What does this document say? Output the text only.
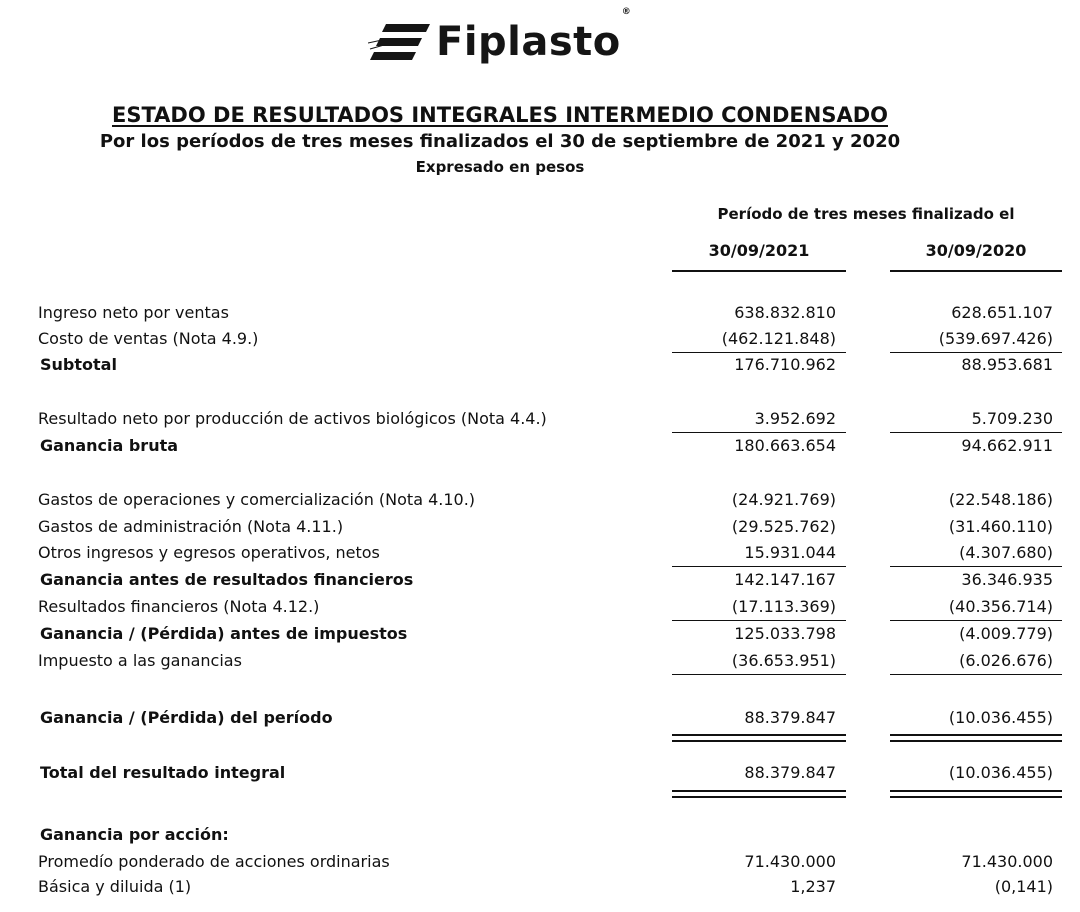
Fiplasto®
ESTADO DE RESULTADOS INTEGRALES INTERMEDIO CONDENSADO
Por los períodos de tres meses finalizados el 30 de septiembre de 2021 y 2020
Expresado en pesos
Período de tres meses finalizado el
30/09/2021	30/09/2020
Ingreso neto por ventas	638.832.810	628.651.107
Costo de ventas (Nota 4.9.)	(462.121.848)	(539.697.426)
Subtotal	176.710.962	88.953.681
Resultado neto por producción de activos biológicos (Nota 4.4.)	3.952.692	5.709.230
Ganancia bruta	180.663.654	94.662.911
Gastos de operaciones y comercialización (Nota 4.10.)	(24.921.769)	(22.548.186)
Gastos de administración (Nota 4.11.)	(29.525.762)	(31.460.110)
Otros ingresos y egresos operativos, netos	15.931.044	(4.307.680)
Ganancia antes de resultados financieros	142.147.167	36.346.935
Resultados financieros (Nota 4.12.)	(17.113.369)	(40.356.714)
Ganancia / (Pérdida) antes de impuestos	125.033.798	(4.009.779)
Impuesto a las ganancias	(36.653.951)	(6.026.676)
Ganancia / (Pérdida) del período	88.379.847	(10.036.455)
Total del resultado integral	88.379.847	(10.036.455)
Ganancia por acción:
Promedío ponderado de acciones ordinarias	71.430.000	71.430.000
Básica y diluida (1)	1,237	(0,141)
